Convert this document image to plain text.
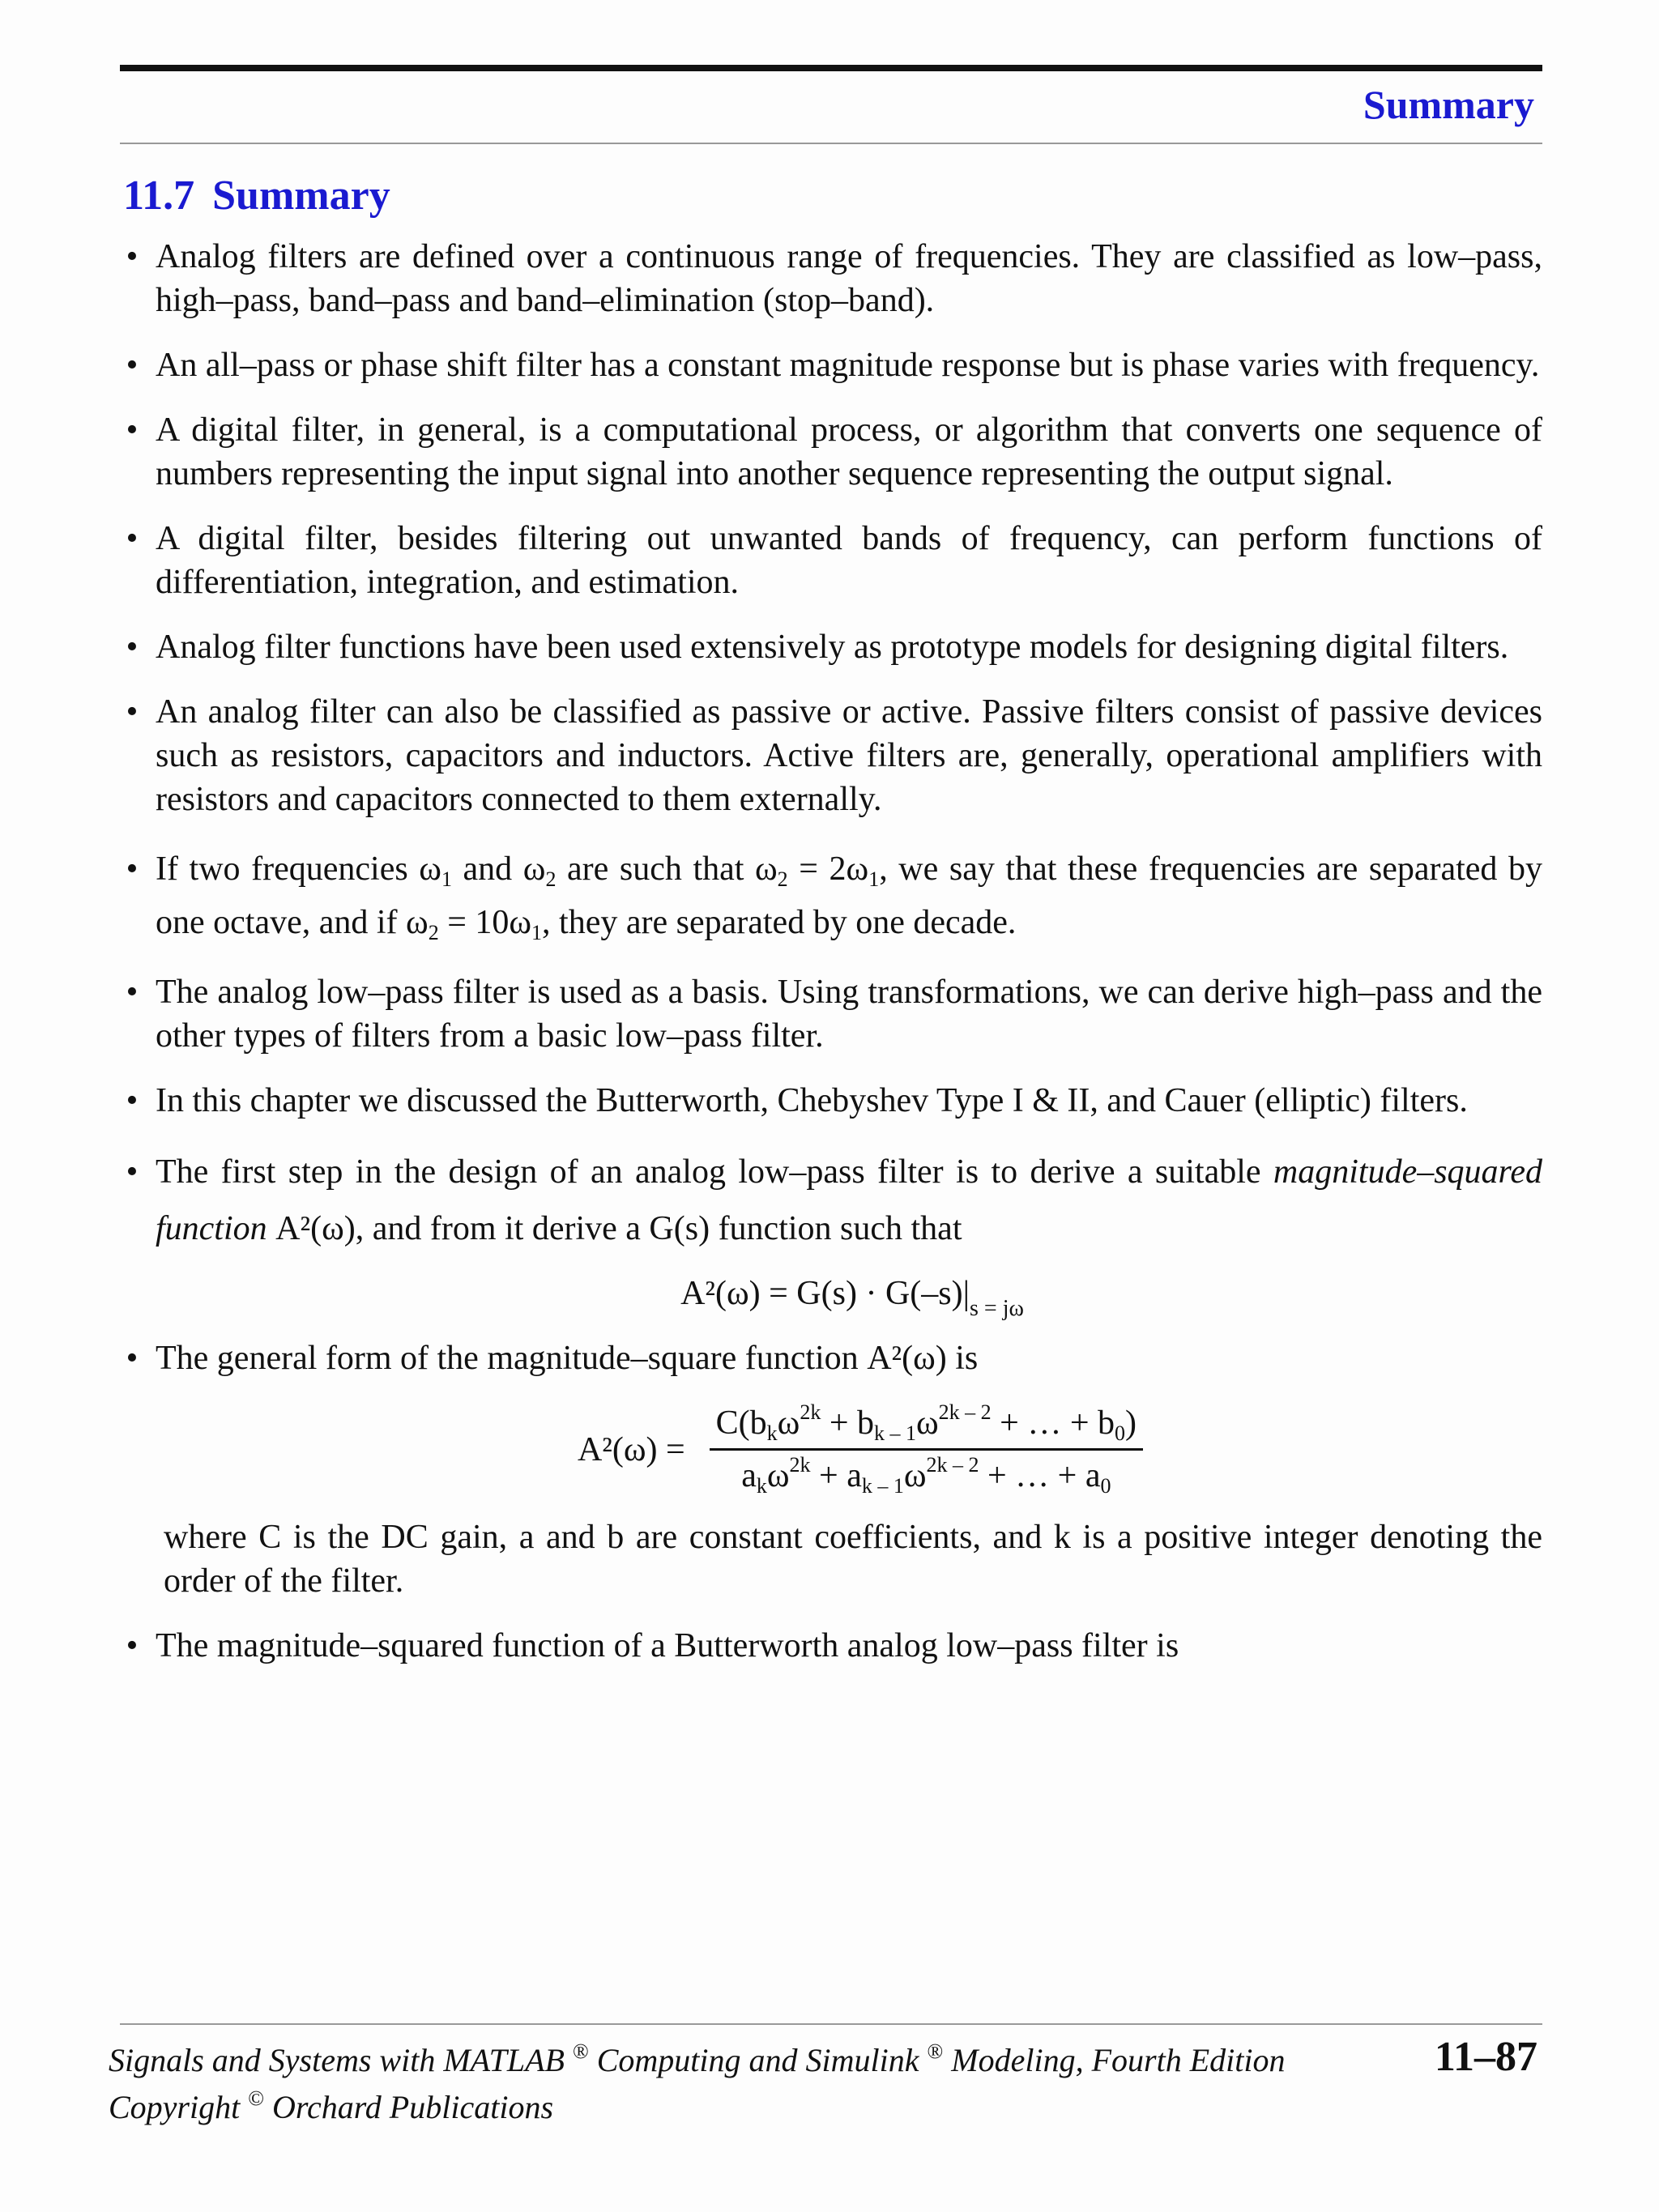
Summary
11.7 Summary
• Analog filters are defined over a continuous range of frequencies. They are classified as low–pass, high–pass, band–pass and band–elimination (stop–band).
• An all–pass or phase shift filter has a constant magnitude response but is phase varies with frequency.
• A digital filter, in general, is a computational process, or algorithm that converts one sequence of numbers representing the input signal into another sequence representing the output signal.
• A digital filter, besides filtering out unwanted bands of frequency, can perform functions of differentiation, integration, and estimation.
• Analog filter functions have been used extensively as prototype models for designing digital filters.
• An analog filter can also be classified as passive or active. Passive filters consist of passive devices such as resistors, capacitors and inductors. Active filters are, generally, operational amplifiers with resistors and capacitors connected to them externally.
• If two frequencies $\omega_1$ and $\omega_2$ are such that $\omega_2 = 2\omega_1$, we say that these frequencies are separated by one octave, and if $\omega_2 = 10\omega_1$, they are separated by one decade.
• The analog low–pass filter is used as a basis. Using transformations, we can derive high–pass and the other types of filters from a basic low–pass filter.
• In this chapter we discussed the Butterworth, Chebyshev Type I & II, and Cauer (elliptic) filters.
• The first step in the design of an analog low–pass filter is to derive a suitable magnitude–squared function A²(ω), and from it derive a G(s) function such that
$A^2(\omega) = G(s) \cdot G(-s)|_{s = j\omega}$
• The general form of the magnitude–square function A²(ω) is
$A^2(\omega) = \frac{C(b_k\omega^{2k} + b_{k - 1}\omega^{2k - 2} + \dots + b_0)}{a_k\omega^{2k} + a_{k - 1}\omega^{2k - 2} + \dots + a_0}$
where C is the DC gain, a and b are constant coefficients, and k is a positive integer denoting the order of the filter.
• The magnitude–squared function of a Butterworth analog low–pass filter is
Signals and Systems with MATLAB ® Computing and Simulink ® Modeling, Fourth Edition
Copyright © Orchard Publications
11–87
